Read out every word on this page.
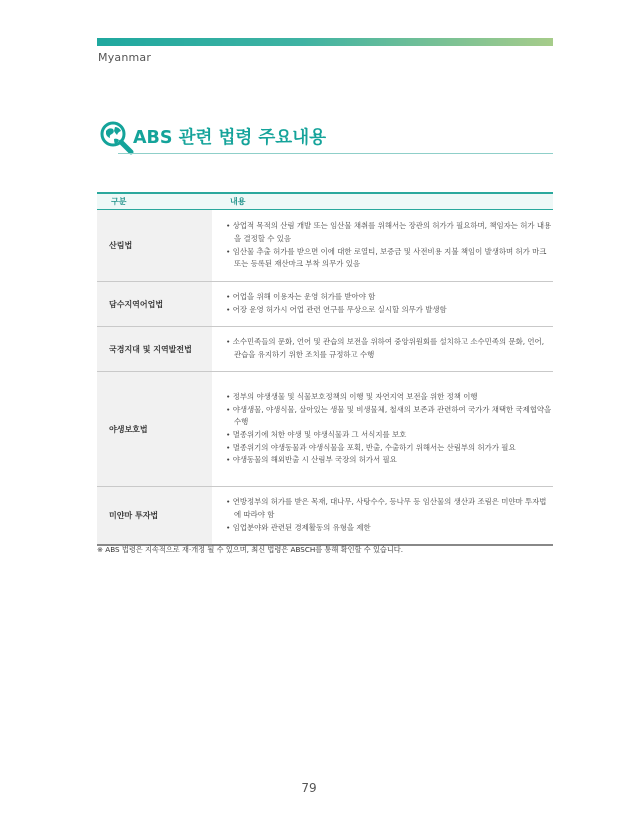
Myanmar
ABS 관련 법령 주요내용
구분	내용
산림법
• 상업적 목적의 산림 개발 또는 임산물 채취를 위해서는 장관의 허가가 필요하며, 책임자는 허가 내용을 결정할 수 있음
• 임산물 추출 허가를 받으면 이에 대한 로열티, 보증금 및 사전비용 지불 책임이 발생하며 허가 마크 또는 등록된 재산마크 부착 의무가 있음
담수지역어업법
• 어업을 위해 이용자는 운영 허가를 받아야 함
• 어장 운영 허가시 어업 관련 연구를 무상으로 실시할 의무가 발생함
국경지대 및 지역발전법
• 소수민족들의 문화, 언어 및 관습의 보전을 위하여 중앙위원회를 설치하고 소수민족의 문화, 언어, 관습을 유지하기 위한 조치를 규정하고 수행
야생보호법
• 정부의 야생생물 및 식물보호정책의 이행 및 자연지역 보전을 위한 정책 이행
• 야생생물, 야생식물, 살아있는 생물 및 비생물체, 철새의 보존과 관련하여 국가가 채택한 국제협약을 수행
• 멸종위기에 처한 야생 및 야생식물과 그 서식지를 보호
• 멸종위기의 야생동물과 야생식물을 포획, 반출, 수출하기 위해서는 산림부의 허가가 필요
• 야생동물의 해외반출 시 산림부 국장의 허가서 필요
미얀마 투자법
• 연방정부의 허가를 받은 목재, 대나무, 사탕수수, 등나무 등 임산물의 생산과 조림은 미얀마 투자법에 따라야 함
• 임업분야와 관련된 경제활동의 유형을 제한
※ ABS 법령은 지속적으로 재·개정 될 수 있으며, 최신 법령은 ABSCH를 통해 확인할 수 있습니다.
79
